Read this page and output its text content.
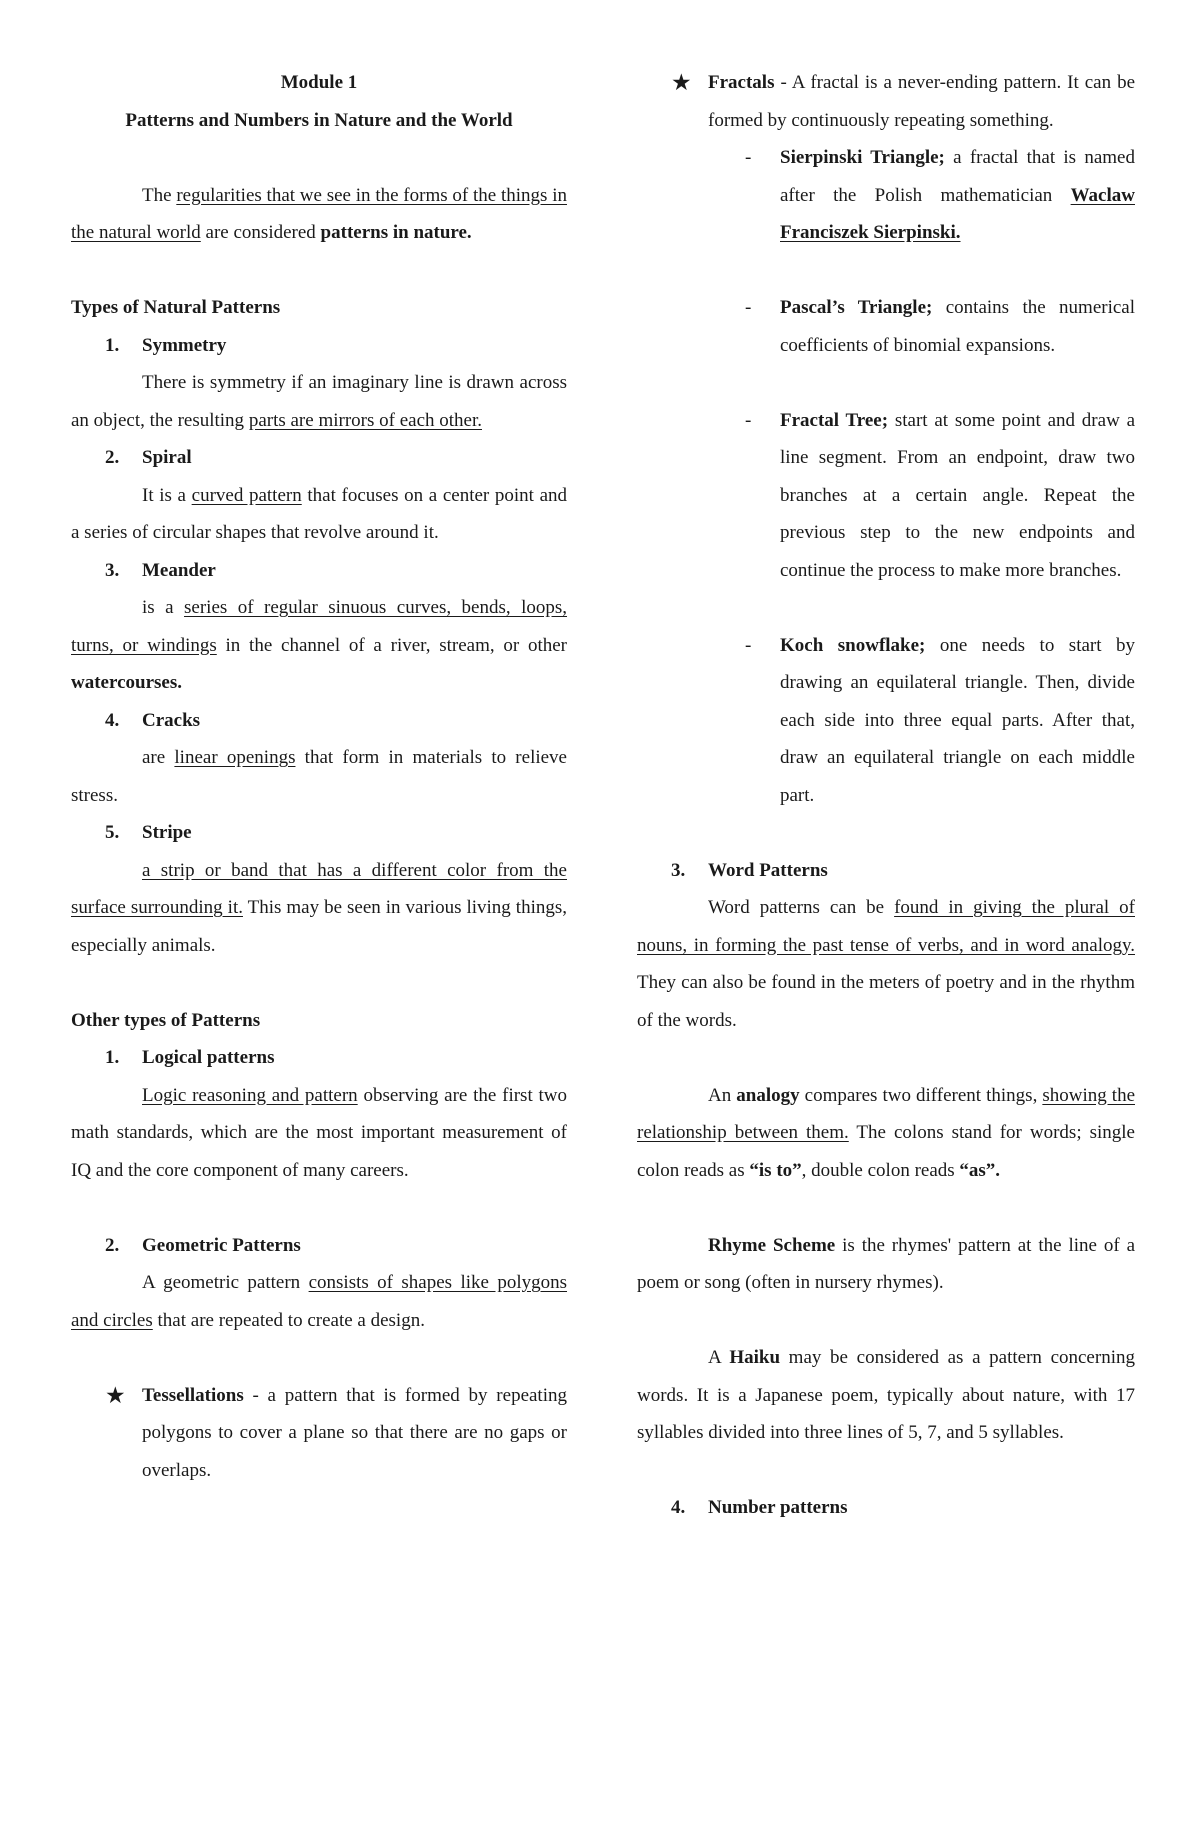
Module 1

Patterns and Numbers in Nature and the World

The regularities that we see in the forms of the things in the natural world are considered patterns in nature.

Types of Natural Patterns

1. Symmetry

There is symmetry if an imaginary line is drawn across an object, the resulting parts are mirrors of each other.

2. Spiral

It is a curved pattern that focuses on a center point and a series of circular shapes that revolve around it.

3. Meander

is a series of regular sinuous curves, bends, loops, turns, or windings in the channel of a river, stream, or other watercourses.

4. Cracks

are linear openings that form in materials to relieve stress.

5. Stripe

a strip or band that has a different color from the surface surrounding it. This may be seen in various living things, especially animals.

Other types of Patterns

1. Logical patterns

Logic reasoning and pattern observing are the first two math standards, which are the most important measurement of IQ and the core component of many careers.

2. Geometric Patterns

A geometric pattern consists of shapes like polygons and circles that are repeated to create a design.

★ Tessellations - a pattern that is formed by repeating polygons to cover a plane so that there are no gaps or overlaps.

★ Fractals - A fractal is a never-ending pattern. It can be formed by continuously repeating something.

- Sierpinski Triangle; a fractal that is named after the Polish mathematician Waclaw Franciszek Sierpinski.

- Pascal’s Triangle; contains the numerical coefficients of binomial expansions.

- Fractal Tree; start at some point and draw a line segment. From an endpoint, draw two branches at a certain angle. Repeat the previous step to the new endpoints and continue the process to make more branches.

- Koch snowflake; one needs to start by drawing an equilateral triangle. Then, divide each side into three equal parts. After that, draw an equilateral triangle on each middle part.

3. Word Patterns

Word patterns can be found in giving the plural of nouns, in forming the past tense of verbs, and in word analogy. They can also be found in the meters of poetry and in the rhythm of the words.

An analogy compares two different things, showing the relationship between them. The colons stand for words; single colon reads as “is to”, double colon reads “as”.

Rhyme Scheme is the rhymes' pattern at the line of a poem or song (often in nursery rhymes).

A Haiku may be considered as a pattern concerning words. It is a Japanese poem, typically about nature, with 17 syllables divided into three lines of 5, 7, and 5 syllables.

4. Number patterns
